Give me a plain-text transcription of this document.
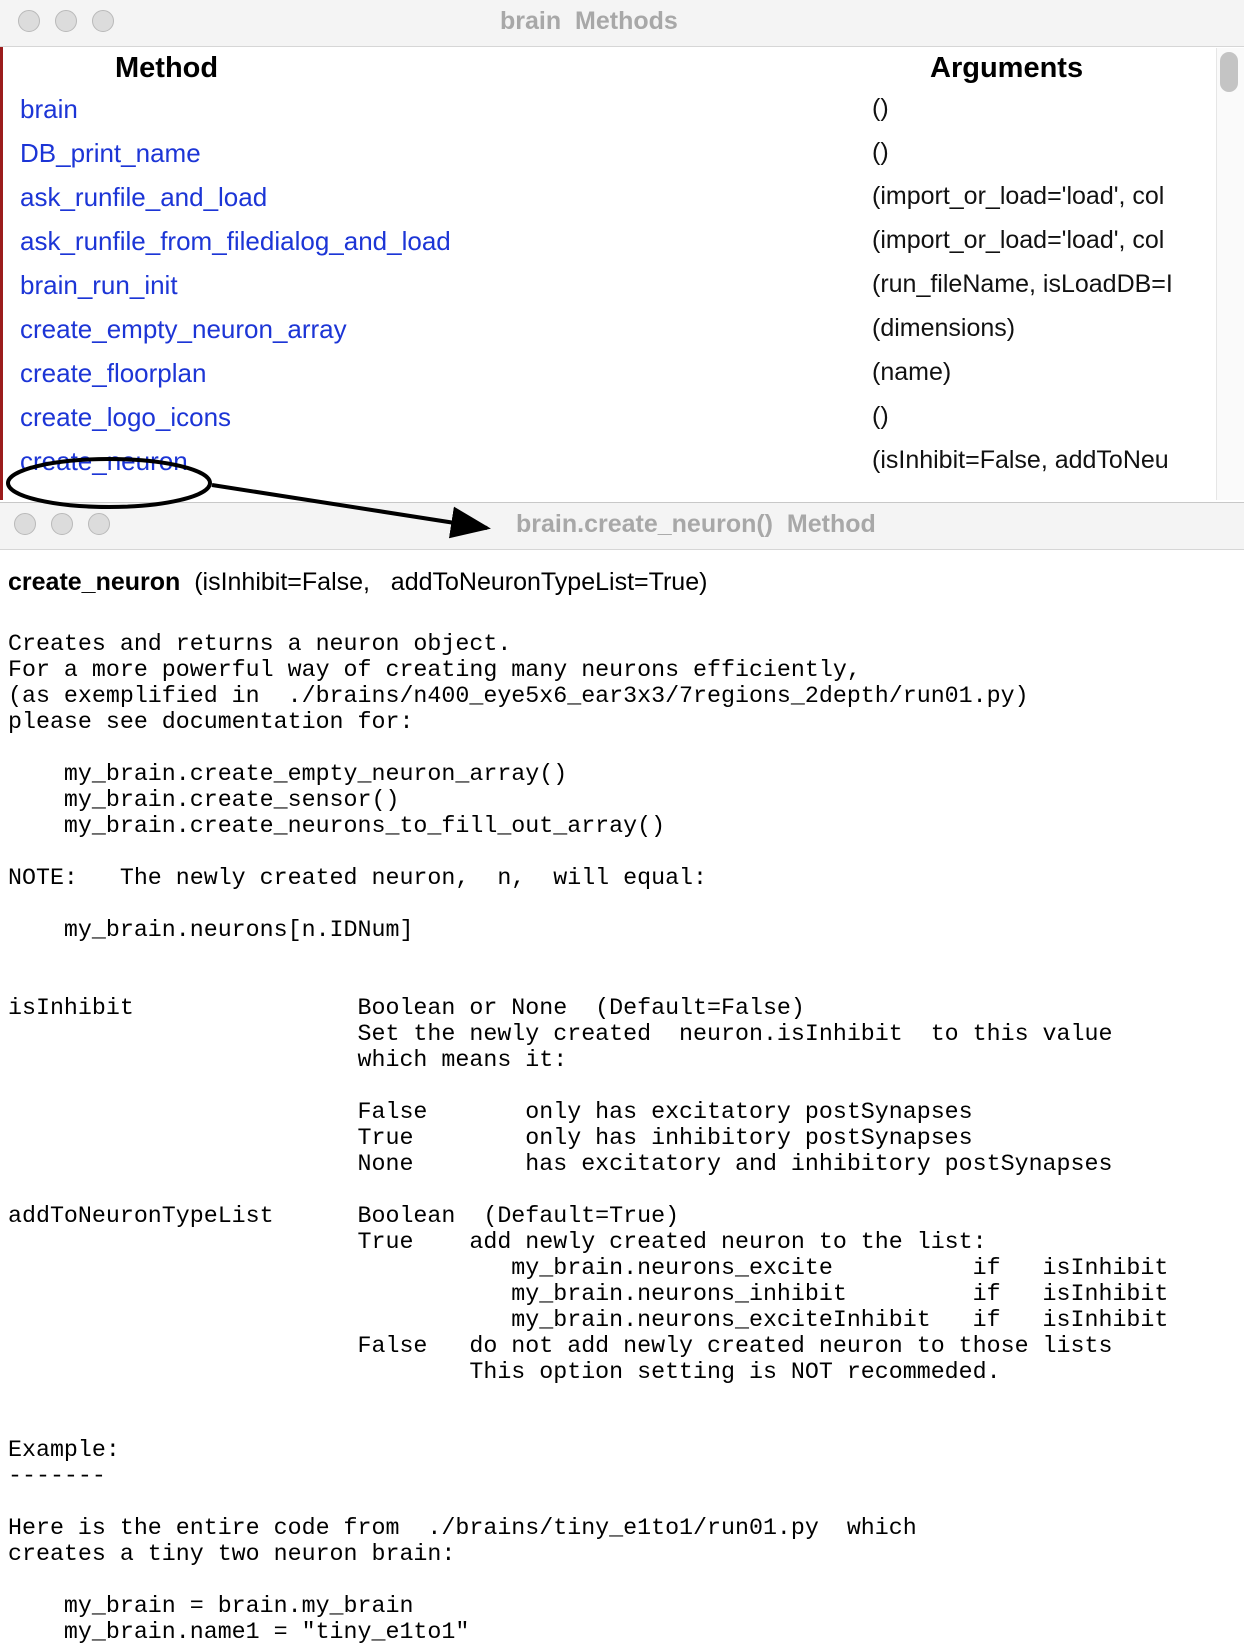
brain  Methods
Method	Arguments
brain	()
DB_print_name	()
ask_runfile_and_load	(import_or_load='load', col
ask_runfile_from_filedialog_and_load	(import_or_load='load', col
brain_run_init	(run_fileName, isLoadDB=I
create_empty_neuron_array	(dimensions)
create_floorplan	(name)
create_logo_icons	()
create_neuron	(isInhibit=False, addToNeu
brain.create_neuron()  Method
create_neuron (isInhibit=False,   addToNeuronTypeList=True)
Creates and returns a neuron object.
For a more powerful way of creating many neurons efficiently,
(as exemplified in  ./brains/n400_eye5x6_ear3x3/7regions_2depth/run01.py)
please see documentation for:

my_brain.create_empty_neuron_array()
my_brain.create_sensor()
my_brain.create_neurons_to_fill_out_array()

NOTE:   The newly created neuron,  n,  will equal:

my_brain.neurons[n.IDNum]

isInhibit                Boolean or None  (Default=False)
Set the newly created  neuron.isInhibit  to this value
which means it:

False       only has excitatory postSynapses
True        only has inhibitory postSynapses
None        has excitatory and inhibitory postSynapses

addToNeuronTypeList      Boolean  (Default=True)
True    add newly created neuron to the list:
my_brain.neurons_excite          if   isInhibit
my_brain.neurons_inhibit         if   isInhibit
my_brain.neurons_exciteInhibit   if   isInhibit
False   do not add newly created neuron to those lists
This option setting is NOT recommeded.

Example:
-------

Here is the entire code from  ./brains/tiny_e1to1/run01.py  which
creates a tiny two neuron brain:

my_brain = brain.my_brain
my_brain.name1 = "tiny_e1to1"
